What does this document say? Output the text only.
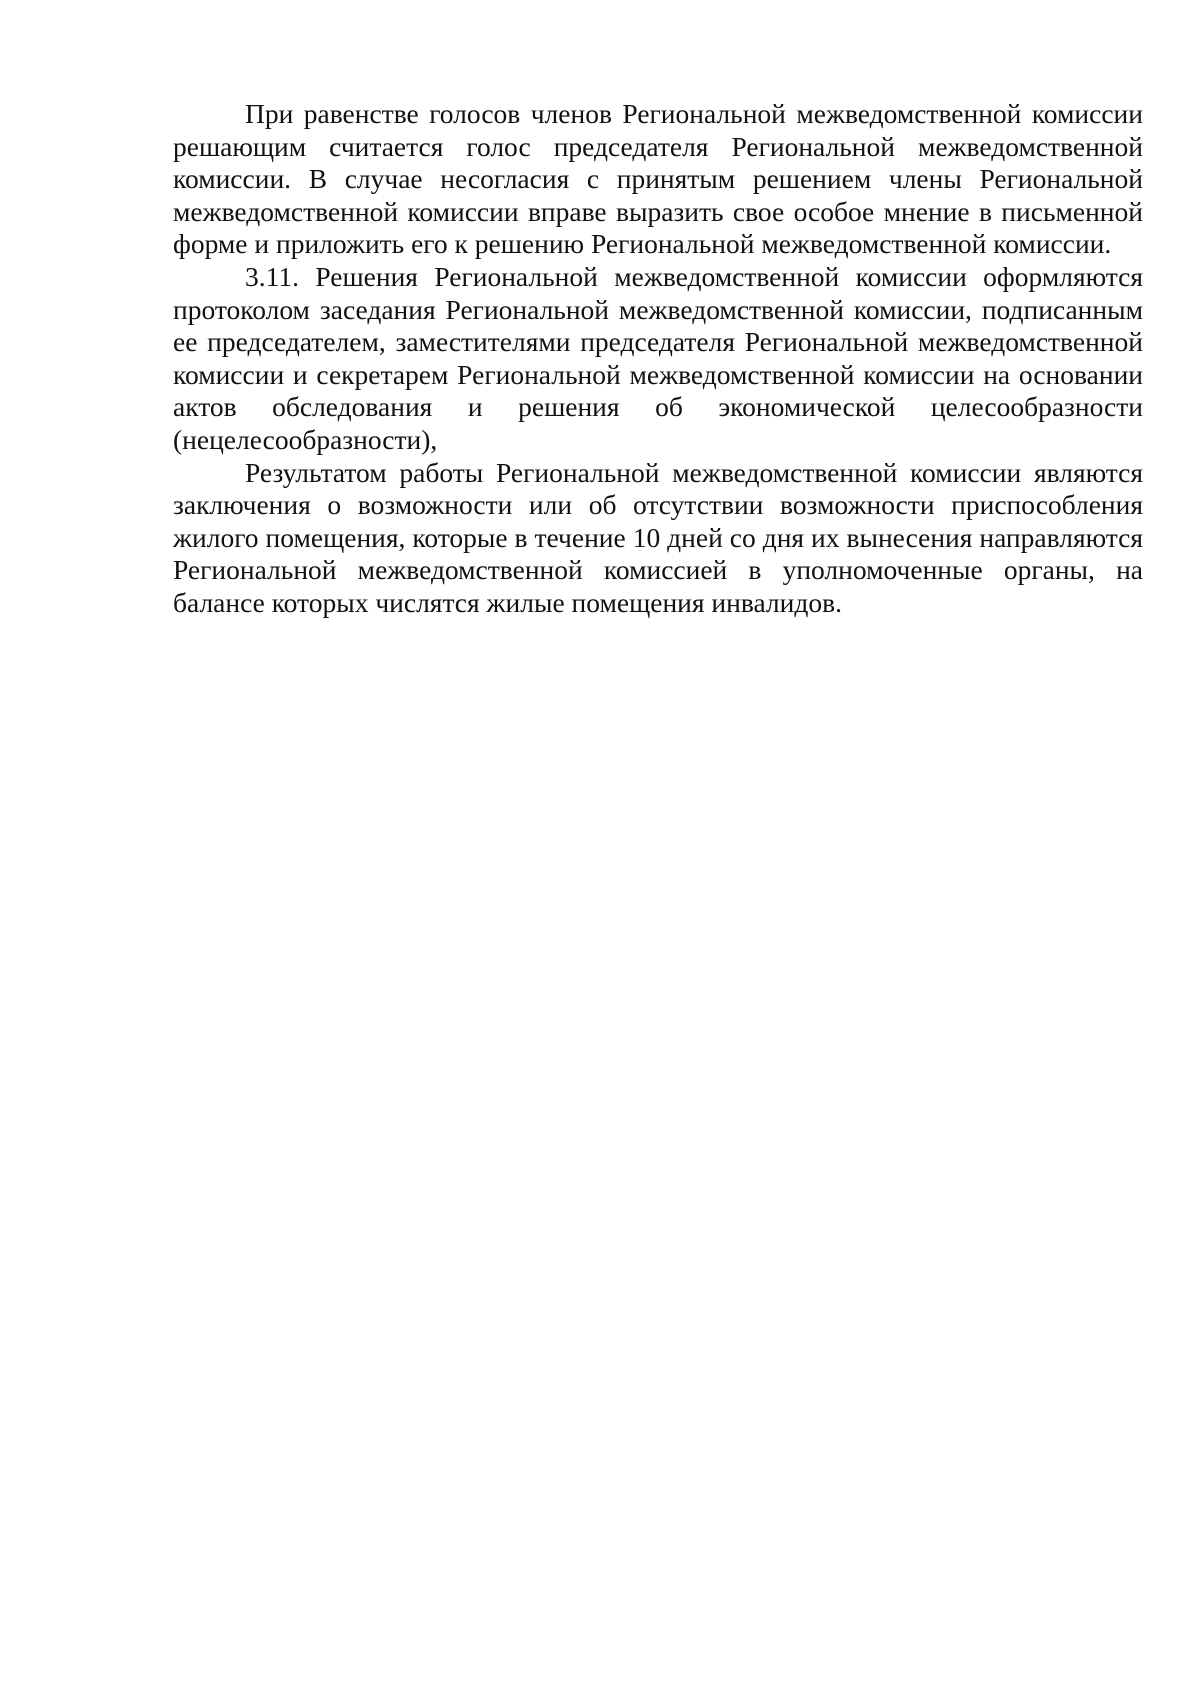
При равенстве голосов членов Региональной межведомственной комиссии решающим считается голос председателя Региональной межведомственной комиссии. В случае несогласия с принятым решением члены Региональной межведомственной комиссии вправе выразить свое особое мнение в письменной форме и приложить его к решению Региональной межведомственной комиссии.

3.11. Решения Региональной межведомственной комиссии оформляются протоколом заседания Региональной межведомственной комиссии, подписанным ее председателем, заместителями председателя Региональной межведомственной комиссии и секретарем Региональной межведомственной комиссии на основании актов обследования и решения об экономической целесообразности (нецелесообразности),

Результатом работы Региональной межведомственной комиссии являются заключения о возможности или об отсутствии возможности приспособления жилого помещения, которые в течение 10 дней со дня их вынесения направляются Региональной межведомственной комиссией в уполномоченные органы, на балансе которых числятся жилые помещения инвалидов.
